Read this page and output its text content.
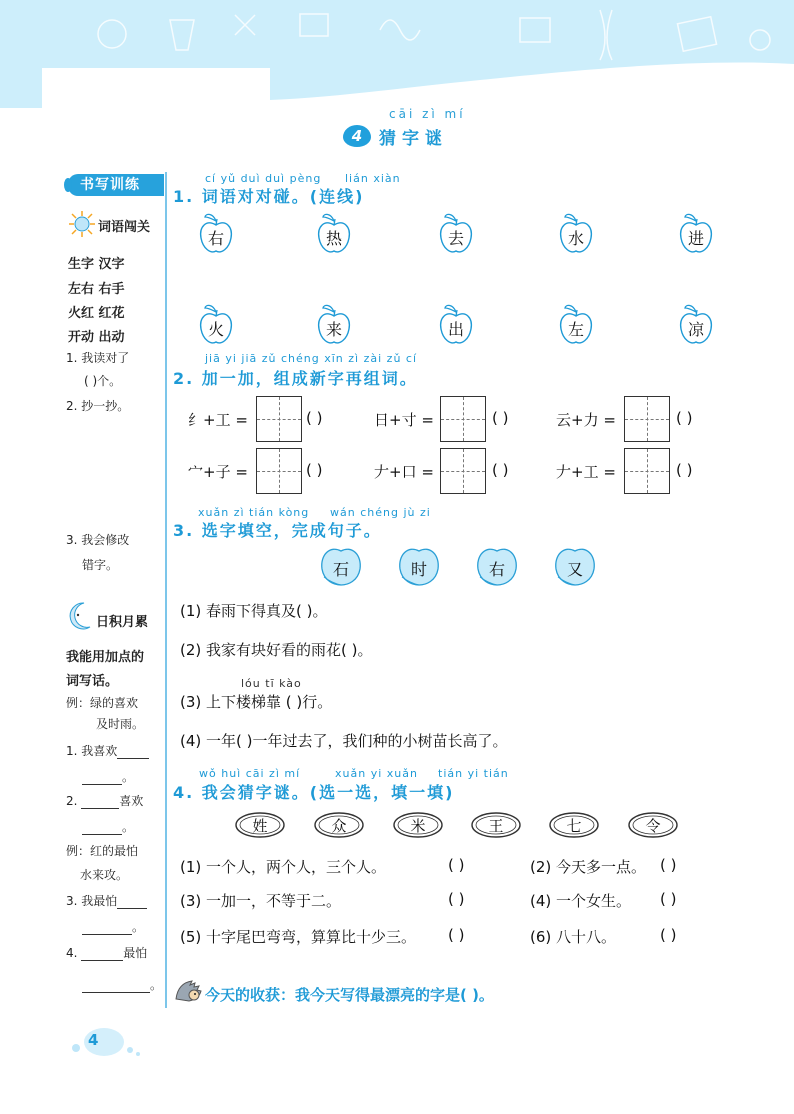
cāi zì mí
4 猜字谜
书写训练
词语闯关
生字 汉字
左右 右手
火红 红花
开动 出动
1. 我读对了
( )个。
2. 抄一抄。
3. 我会修改
错字。
日积月累
我能用加点的
词写话。
例：绿的喜欢
及时雨。
1. 我喜欢
。
2.	喜欢
。
例：红的最怕
水来攻。
3. 我最怕
。
4.	最怕
。
cí yǔ duì duì pèng lián xiàn
1. 词语对对碰。(连线)
右	热	去	水	进
火	来	出	左	凉
jiā yi jiā zǔ chéng xīn zì zài zǔ cí
2. 加一加，组成新字再组词。
纟+工 =	( )	日+寸 =	( )	云+力 =	( )
宀+子 =	( )	𠂇+口 =	( )	𠂇+工 =	( )
xuǎn zì tián kòng wán chéng jù zi
3. 选字填空，完成句子。
石	时	右	又
(1) 春雨下得真及( )。
(2) 我家有块好看的雨花( )。
lóu tī kào
(3) 上下楼梯靠 ( )行。
(4) 一年( )一年过去了，我们种的小树苗长高了。
wǒ huì cāi zì mí	xuǎn yi xuǎn tián yi tián
4. 我会猜字谜。(选一选，填一填)
姓	众	米	王	七	令
(1) 一个人，两个人，三个人。	( )	(2) 今天多一点。 ( )
(3) 一加一，不等于二。	( )	(4) 一个女生。 ( )
(5) 十字尾巴弯弯，算算比十少三。 ( )	(6) 八十八。	( )
今天的收获：我今天写得最漂亮的字是( )。
4
